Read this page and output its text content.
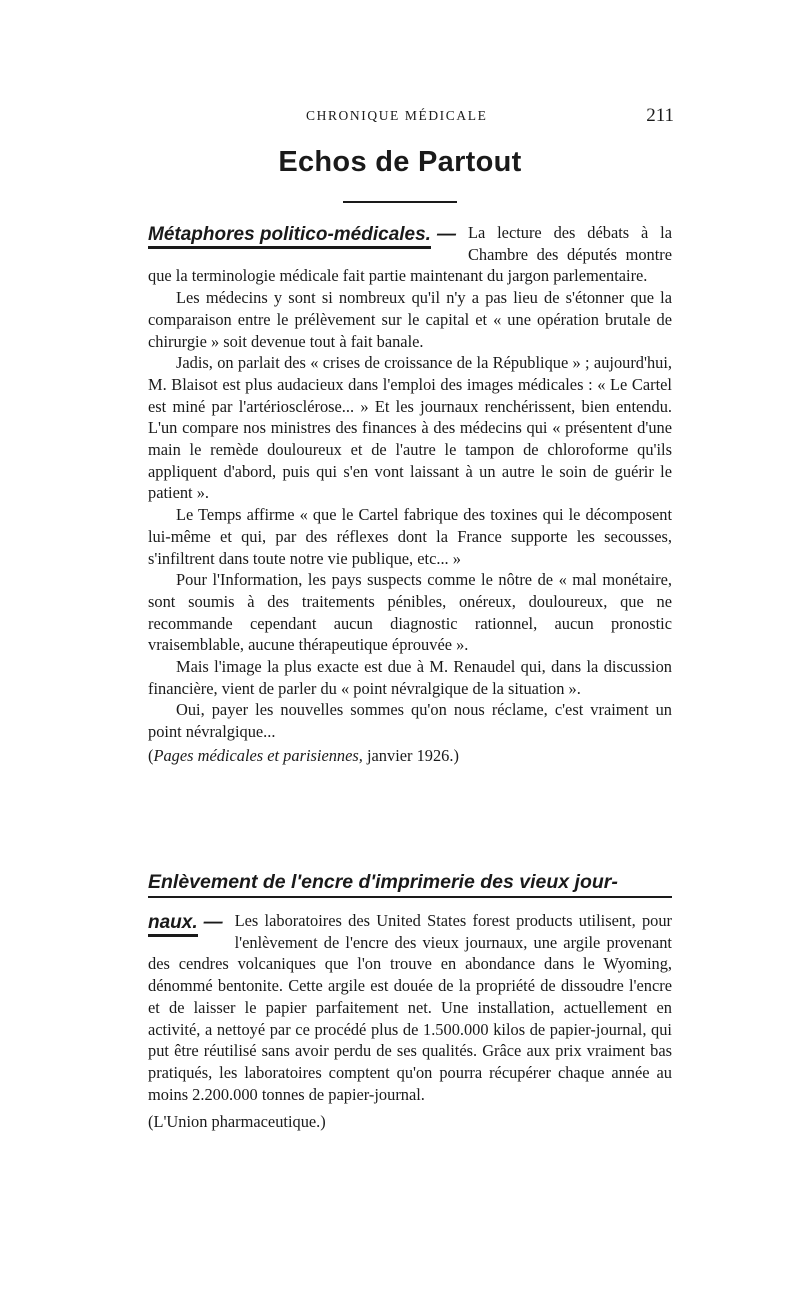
CHRONIQUE MÉDICALE	211
Echos de Partout

Métaphores politico-médicales. — La lecture des débats à la Chambre des députés montre que la terminologie médicale fait partie maintenant du jargon parlementaire.

Les médecins y sont si nombreux qu'il n'y a pas lieu de s'étonner que la comparaison entre le prélèvement sur le capital et « une opération brutale de chirurgie » soit devenue tout à fait banale.

Jadis, on parlait des « crises de croissance de la République » ; aujourd'hui, M. Blaisot est plus audacieux dans l'emploi des images médicales : « Le Cartel est miné par l'artériosclérose... » Et les journaux renchérissent, bien entendu. L'un compare nos ministres des finances à des médecins qui « présentent d'une main le remède douloureux et de l'autre le tampon de chloroforme qu'ils appliquent d'abord, puis qui s'en vont laissant à un autre le soin de guérir le patient ».

Le Temps affirme « que le Cartel fabrique des toxines qui le décomposent lui-même et qui, par des réflexes dont la France supporte les secousses, s'infiltrent dans toute notre vie publique, etc... »

Pour l'Information, les pays suspects comme le nôtre de « mal monétaire, sont soumis à des traitements pénibles, onéreux, douloureux, que ne recommande cependant aucun diagnostic rationnel, aucun pronostic vraisemblable, aucune thérapeutique éprouvée ».

Mais l'image la plus exacte est due à M. Renaudel qui, dans la discussion financière, vient de parler du « point névralgique de la situation ».

Oui, payer les nouvelles sommes qu'on nous réclame, c'est vraiment un point névralgique...

(Pages médicales et parisiennes, janvier 1926.)

Enlèvement de l'encre d'imprimerie des vieux jour-

naux. — Les laboratoires des United States forest products utilisent, pour l'enlèvement de l'encre des vieux journaux, une argile provenant des cendres volcaniques que l'on trouve en abondance dans le Wyoming, dénommé bentonite. Cette argile est douée de la propriété de dissoudre l'encre et de laisser le papier parfaitement net. Une installation, actuellement en activité, a nettoyé par ce procédé plus de 1.500.000 kilos de papier-journal, qui put être réutilisé sans avoir perdu de ses qualités. Grâce aux prix vraiment bas pratiqués, les laboratoires comptent qu'on pourra récupérer chaque année au moins 2.200.000 tonnes de papier-journal.

(L'Union pharmaceutique.)
